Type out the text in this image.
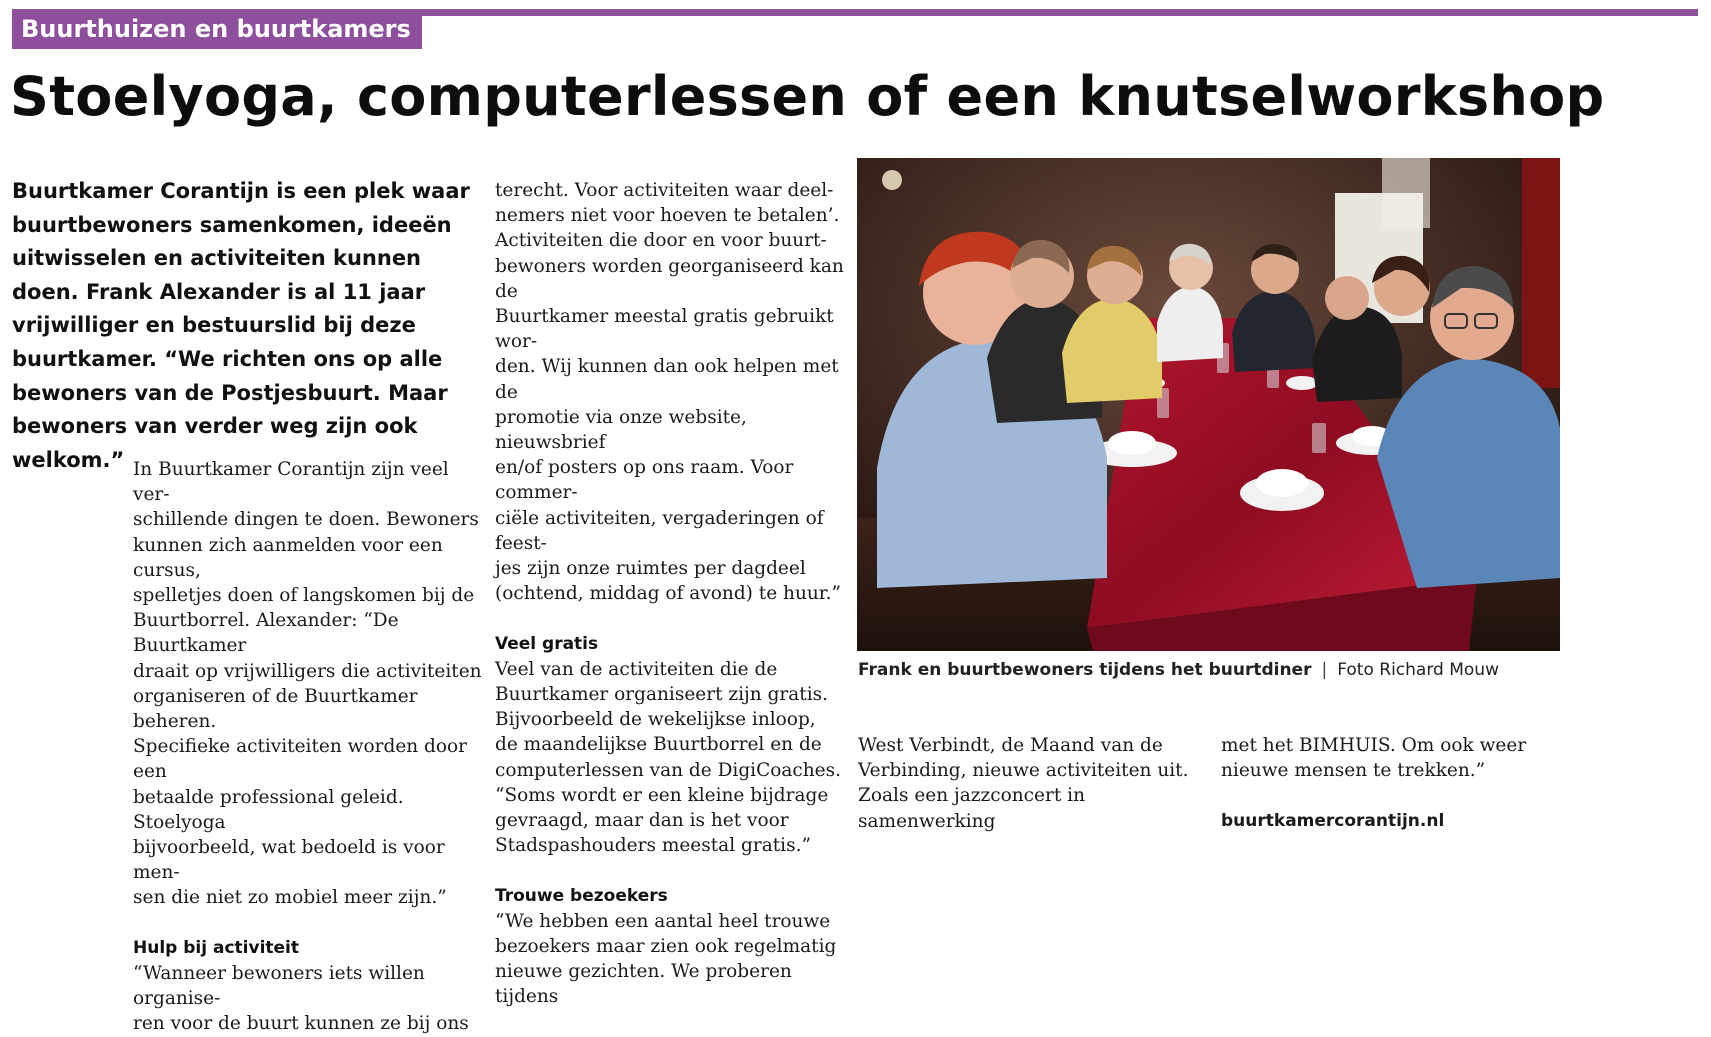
Buurthuizen en buurtkamers
Stoelyoga, computerlessen of een knutselworkshop
Buurtkamer Corantijn is een plek waar buurtbewoners samenkomen, ideeën uitwisselen en activiteiten kunnen doen. Frank Alexander is al 11 jaar vrijwilliger en bestuurslid bij deze buurtkamer. “We richten ons op alle bewoners van de Postjesbuurt. Maar bewoners van verder weg zijn ook welkom.” In Buurtkamer Corantijn zijn veel ver-
schillende dingen te doen. Bewoners
kunnen zich aanmelden voor een cursus,
spelletjes doen of langskomen bij de
Buurtborrel. Alexander: “De Buurtkamer
draait op vrijwilligers die activiteiten
organiseren of de Buurtkamer beheren.
Specifieke activiteiten worden door een
betaalde professional geleid. Stoelyoga
bijvoorbeeld, wat bedoeld is voor men-
sen die niet zo mobiel meer zijn.”

Hulp bij activiteit

“Wanneer bewoners iets willen organise-
ren voor de buurt kunnen ze bij ons

terecht. Voor activiteiten waar deel-
nemers niet voor hoeven te betalen’.
Activiteiten die door en voor buurt-
bewoners worden georganiseerd kan de
Buurtkamer meestal gratis gebruikt wor-
den. Wij kunnen dan ook helpen met de
promotie via onze website, nieuwsbrief
en/of posters op ons raam. Voor commer-
ciële activiteiten, vergaderingen of feest-
jes zijn onze ruimtes per dagdeel
(ochtend, middag of avond) te huur.”

Veel gratis

Veel van de activiteiten die de
Buurtkamer organiseert zijn gratis.
Bijvoorbeeld de wekelijkse inloop,
de maandelijkse Buurtborrel en de
computerlessen van de DigiCoaches.
“Soms wordt er een kleine bijdrage
gevraagd, maar dan is het voor
Stadspashouders meestal gratis.”

Trouwe bezoekers

“We hebben een aantal heel trouwe
bezoekers maar zien ook regelmatig
nieuwe gezichten. We proberen tijdens

West Verbindt, de Maand van de
Verbinding, nieuwe activiteiten uit.
Zoals een jazzconcert in samenwerking

met het BIMHUIS. Om ook weer
nieuwe mensen te trekken.”

buurtkamercorantijn.nl

Frank en buurtbewoners tijdens het buurtdiner | Foto Richard Mouw
